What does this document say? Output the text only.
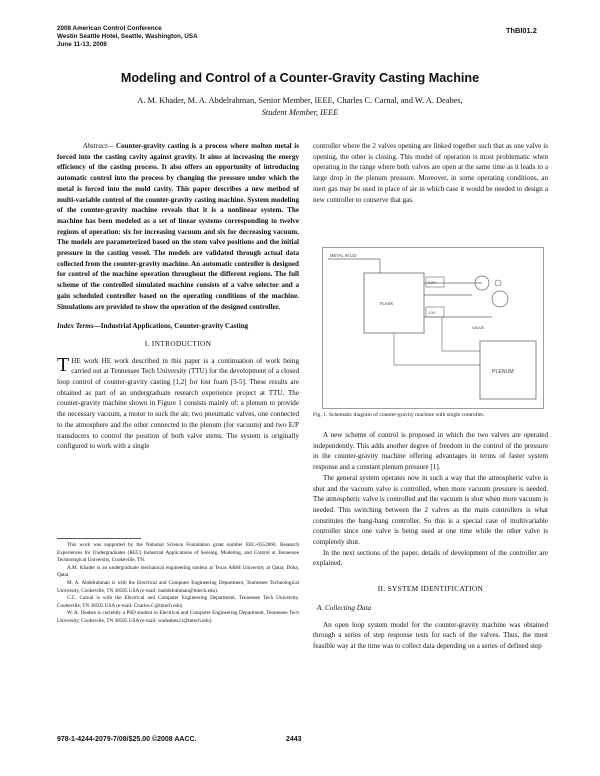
2008 American Control Conference
Westin Seattle Hotel, Seattle, Washington, USA
June 11-13, 2008
ThBI01.2
Modeling and Control of a Counter-Gravity Casting Machine
A. M. Khader, M. A. Abdelrahman, Senior Member, IEEE, Charles C. Carnal, and W. A. Deabes,
Student Member, IEEE

Abstract— Counter-gravity casting is a process where molten metal is forced into the casting cavity against gravity. It aims at increasing the energy efficiency of the casting process. It also offers an opportunity of introducing automatic control into the process by changing the pressure under which the metal is forced into the mold cavity. This paper describes a new method of multi-variable control of the counter-gravity casting machine. System modeling of the counter-gravity machine reveals that it is a nonlinear system. The machine has been modeled as a set of linear systems corresponding to twelve regions of operation: six for increasing vacuum and six for decreasing vacuum. The models are parameterized based on the stem valve positions and the initial pressure in the casting vessel. The models are validated through actual data collected from the counter-gravity machine. An automatic controller is designed for control of the machine operation throughout the different regions. The full scheme of the controlled simulated machine consists of a valve selector and a gain scheduled controller based on the operating conditions of the machine. Simulations are provided to show the operation of the designed controller.

Index Terms—Industrial Applications, Counter-gravity Casting

I. INTRODUCTION

THE work HE work described in this paper is a continuation of work being carried out at Tennessee Tech University (TTU) for the development of a closed loop control of counter-gravity casting [1,2] for lost foam [3-5]. These results are obtained as part of an undergraduate research experience project at TTU. The counter-gravity machine shown in Figure 1 consists mainly of: a plenum to provide the necessary vacuum, a motor to suck the air, two pneumatic valves, one connected to the atmosphere and the other connected to the plenum (for vacuum) and two E/P transducers to control the position of both valve stems. The system is originally configured to work with a single

This work was supported by the National Science Foundation grant number EEC-0552860, Research Experiences for Undergraduates (REU) Industrial Applications of Sensing, Modeling, and Control at Tennessee Technological University, Cookeville, TN.

A.M. Khader is an undergraduate mechanical engineering student at Texas A&M University at Qatar, Doha, Qatar.

M. A. Abdelrahman is with the Electrical and Computer Engineering Department, Tennessee Technological University, Cookeville, TN 38505 USA (e-mail: mabdelrahman@tntech.edu).

C.C. Carnal is with the Electrical and Computer Engineering Department, Tennessee Tech University, Cookeville, TN 38505 USA (e-mail: Charles.C@tntech.edu)

W. A. Deabes is currently a PhD student in Electrical and Computer Engineering Department, Tennessee Tech University, Cookeville, TN 38505 USA (e-mail: wadeabes21@tntech.edu).

controller where the 2 valves opening are linked together such that as one valve is opening, the other is closing. This model of operation is most problematic when operating in the range where both valves are open at the same time as it leads to a large drop in the plenum pressure. Moreover, in some operating conditions, an inert gas may be used in place of air in which case it would be needed to design a new controller to conserve that gas.

METAL IN LID
FLASK
3.5V
1.5V
VALVE
PLENUM
Fig. 1. Schematic diagram of counter-gravity machine with single controller.

A new scheme of control is proposed in which the two valves are operated independently. This adds another degree of freedom in the control of the pressure in the counter-gravity machine offering advantages in terms of faster system response and a constant plenum pressure [1].

The general system operates now in such a way that the atmospheric valve is shut and the vacuum valve is controlled, when more vacuum pressure is needed. The atmospheric valve is controlled and the vacuum is shut when more vacuum is needed. This switching between the 2 valves as the main controllers is what constitutes the bang-bang controller. So this is a special case of multivariable controller since one valve is being used at one time while the other valve is completely shut.

In the next sections of the paper, details of development of the controller are explained.

II. SYSTEM IDENTIFICATION
A. Collecting Data

An open loop system model for the counter-gravity machine was obtained through a series of step response tests for each of the valves. Thus, the most feasible way at the time was to collect data depending on a series of defined step

978-1-4244-2079-7/08/$25.00 ©2008 AACC.	2443
